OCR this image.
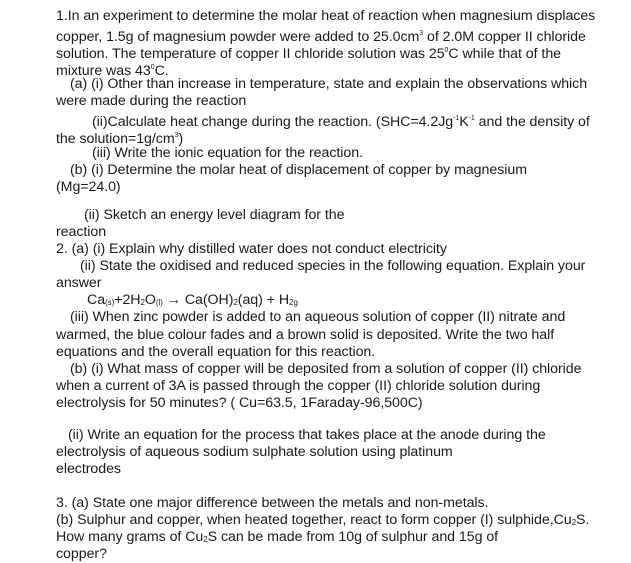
1.In an experiment to determine the molar heat of reaction when magnesium displaces
copper, 1.5g of magnesium powder were added to $25.0cm^3$ of 2.0M copper II chloride
solution. The temperature of copper II chloride solution was $25^0C$ while that of the
mixture was $43^0C$.
(a) (i) Other than increase in temperature, state and explain the observations which
were made during the reaction
(ii)Calculate heat change during the reaction. ($SHC=4.2Jg^{-1}K^{-1}$ and the density of
the $solution=1g/cm^3$)
(iii) Write the ionic equation for the reaction.
(b) (i) Determine the molar heat of displacement of copper by magnesium
(Mg=24.0)
(ii) Sketch an energy level diagram for the
reaction
2. (a) (i) Explain why distilled water does not conduct electricity
(ii) State the oxidised and reduced species in the following equation. Explain your
answer
Ca(s)+2H2O(l) → Ca(OH)2(aq) + H2g
(iii) When zinc powder is added to an aqueous solution of copper (II) nitrate and
warmed, the blue colour fades and a brown solid is deposited. Write the two half
equations and the overall equation for this reaction.
(b) (i) What mass of copper will be deposited from a solution of copper (II) chloride
when a current of 3A is passed through the copper (II) chloride solution during
electrolysis for 50 minutes? ( Cu=63.5, 1Faraday-96,500C)
(ii) Write an equation for the process that takes place at the anode during the
electrolysis of aqueous sodium sulphate solution using platinum
electrodes
3. (a) State one major difference between the metals and non-metals.
(b) Sulphur and copper, when heated together, react to form copper (I) sulphide,Cu2S.
How many grams of Cu2S can be made from 10g of sulphur and 15g of
copper?
